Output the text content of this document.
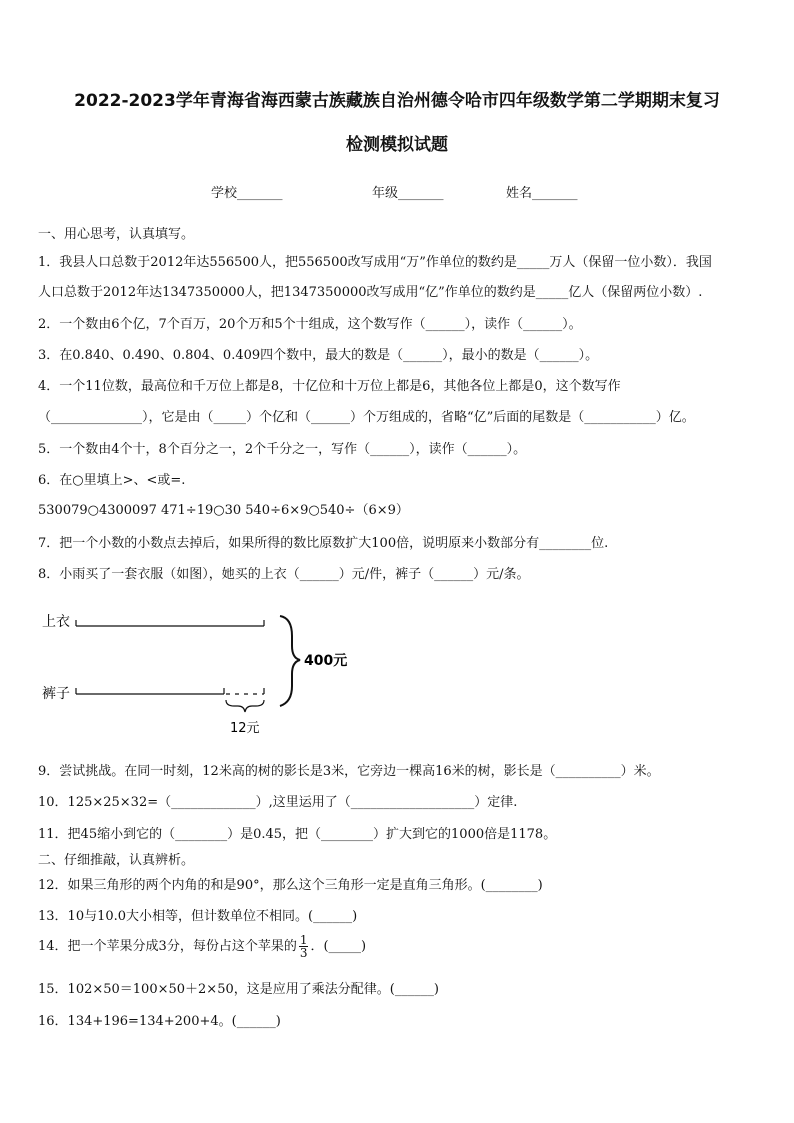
2022-2023学年青海省海西蒙古族藏族自治州德令哈市四年级数学第二学期期末复习
检测模拟试题
学校_______	年级_______	姓名_______
一、用心思考，认真填写。
1．我县人口总数于2012年达556500人，把556500改写成用“万”作单位的数约是_____万人（保留一位小数）．我国
人口总数于2012年达1347350000人，把1347350000改写成用“亿”作单位的数约是_____亿人（保留两位小数）.
2．一个数由6个亿，7个百万，20个万和5个十组成，这个数写作（______），读作（______）。
3．在0.840、0.490、0.804、0.409四个数中，最大的数是（______），最小的数是（______）。
4．一个11位数，最高位和千万位上都是8，十亿位和十万位上都是6，其他各位上都是0，这个数写作
（______________），它是由（_____）个亿和（______）个万组成的，省略“亿”后面的尾数是（___________）亿。
5．一个数由4个十，8个百分之一，2个千分之一，写作（______），读作（______）。
6．在○里填上>、<或=.
530079○4300097 471÷19○30 540÷6×9○540÷（6×9）
7．把一个小数的小数点去掉后，如果所得的数比原数扩大100倍，说明原来小数部分有________位.
8．小雨买了一套衣服（如图），她买的上衣（______）元/件，裤子（______）元/条。
上衣
裤子
12元
400元
9．尝试挑战。在同一时刻，12米高的树的影长是3米，它旁边一棵高16米的树，影长是（__________）米。
10．125×25×32=（_____________）,这里运用了（___________________）定律.
11．把45缩小到它的（________）是0.45，把（________）扩大到它的1000倍是1178。
二、仔细推敲，认真辨析。
12．如果三角形的两个内角的和是90°，那么这个三角形一定是直角三角形。(________)
13．10与10.0大小相等，但计数单位不相同。(______)
14．把一个苹果分成3分，每份占这个苹果的 $\frac{1}{3}$ ．(_____)
15．102×50＝100×50＋2×50，这是应用了乘法分配律。(______)
16．134+196=134+200+4。(______)
